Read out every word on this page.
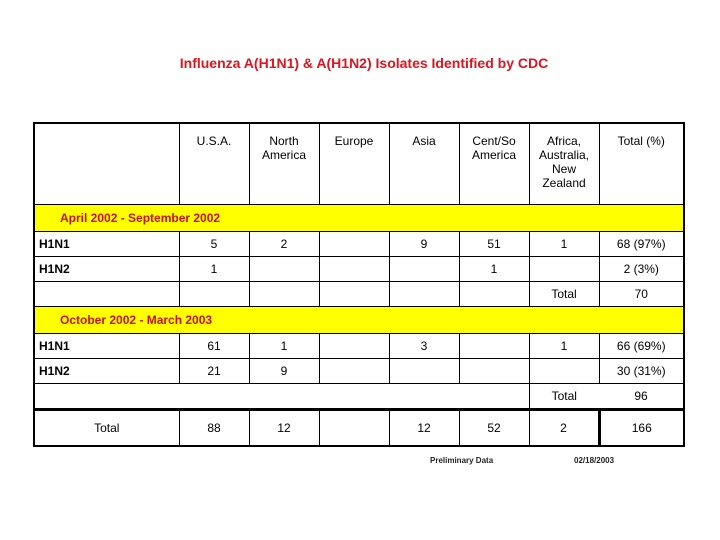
Influenza A(H1N1) & A(H1N2) Isolates Identified by CDC
	U.S.A.	North America	Europe	Asia	Cent/So America	Africa, Australia, New Zealand	Total (%)
April 2002 - September 2002							
H1N1	5	2		9	51	1	68 (97%)
H1N2	1				1		2 (3%)
						Total	70
October 2002 - March 2003							
H1N1	61	1		3		1	66 (69%)
H1N2	21	9					30 (31%)
						Total	96
Total	88	12		12	52	2	166
Preliminary Data	02/18/2003
